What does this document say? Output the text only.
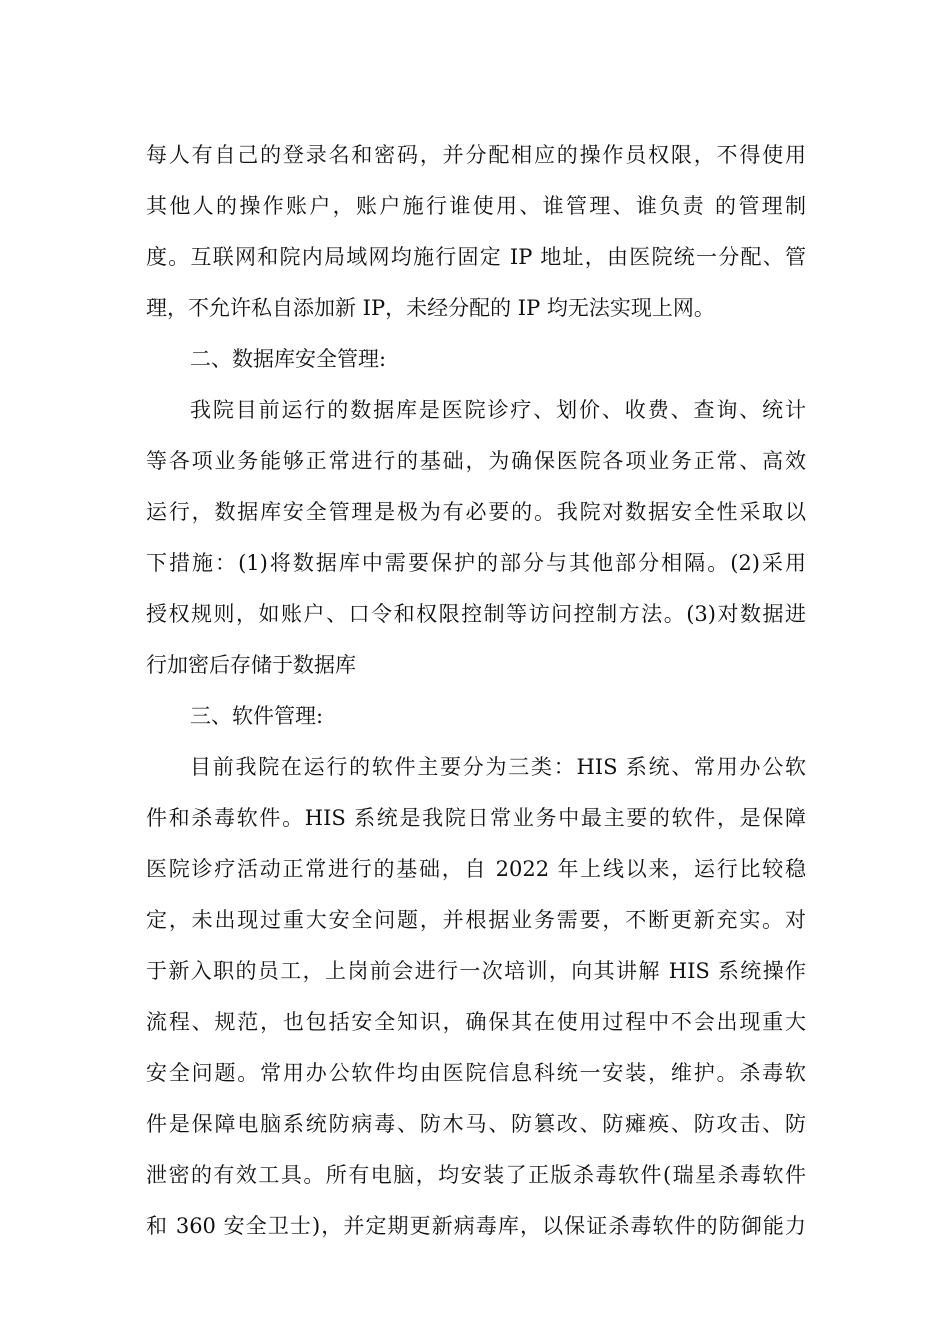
每人有自己的登录名和密码，并分配相应的操作员权限，不得使用
其他人的操作账户，账户施行谁使用、谁管理、谁负责 的管理制
度。互联网和院内局域网均施行固定 IP 地址，由医院统一分配、管
理，不允许私自添加新 IP，未经分配的 IP 均无法实现上网。
二、数据库安全管理:
我院目前运行的数据库是医院诊疗、划价、收费、查询、统计
等各项业务能够正常进行的基础，为确保医院各项业务正常、高效
运行，数据库安全管理是极为有必要的。我院对数据安全性采取以
下措施：(1)将数据库中需要保护的部分与其他部分相隔。(2)采用
授权规则，如账户、口令和权限控制等访问控制方法。(3)对数据进
行加密后存储于数据库
三、软件管理:
目前我院在运行的软件主要分为三类：HIS 系统、常用办公软
件和杀毒软件。HIS 系统是我院日常业务中最主要的软件，是保障
医院诊疗活动正常进行的基础，自 2022 年上线以来，运行比较稳
定，未出现过重大安全问题，并根据业务需要，不断更新充实。对
于新入职的员工，上岗前会进行一次培训，向其讲解 HIS 系统操作
流程、规范，也包括安全知识，确保其在使用过程中不会出现重大
安全问题。常用办公软件均由医院信息科统一安装，维护。杀毒软
件是保障电脑系统防病毒、防木马、防篡改、防瘫痪、防攻击、防
泄密的有效工具。所有电脑，均安装了正版杀毒软件(瑞星杀毒软件
和 360 安全卫士)，并定期更新病毒库，以保证杀毒软件的防御能力
